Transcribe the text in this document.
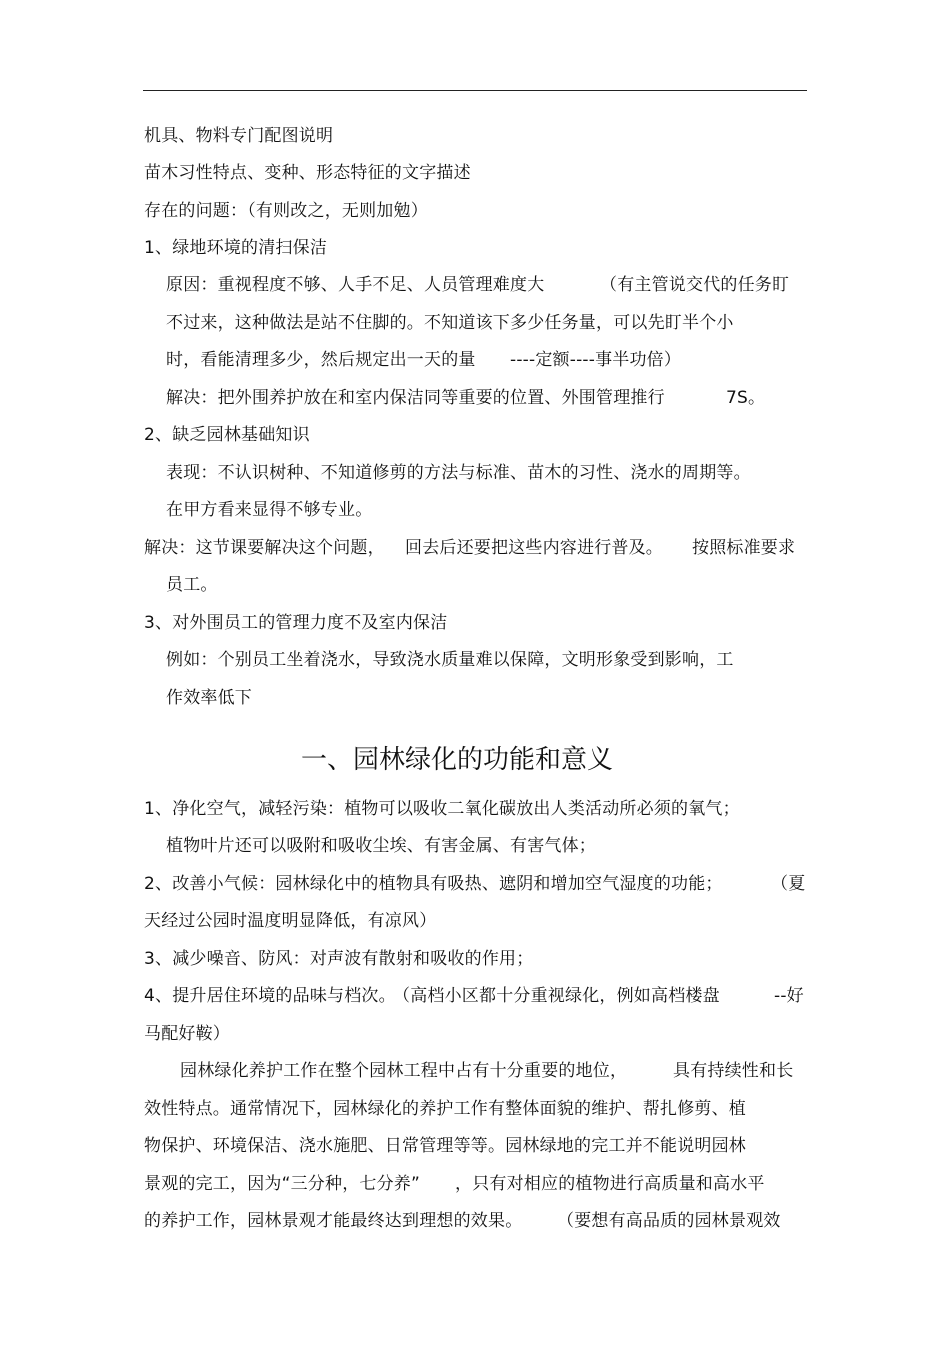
机具、物料专门配图说明
苗木习性特点、变种、形态特征的文字描述
存在的问题：（有则改之，无则加勉）
1、绿地环境的清扫保洁
原因：重视程度不够、人手不足、人员管理难度大	（有主管说交代的任务盯
不过来，这种做法是站不住脚的。不知道该下多少任务量，可以先盯半个小
时，看能清理多少，然后规定出一天的量 ----定额----事半功倍）
解决：把外围养护放在和室内保洁同等重要的位置、外围管理推行	7S。
2、缺乏园林基础知识
表现：不认识树种、不知道修剪的方法与标准、苗木的习性、浇水的周期等。
在甲方看来显得不够专业。
解决：这节课要解决这个问题， 回去后还要把这些内容进行普及。 按照标准要求
员工。
3、对外围员工的管理力度不及室内保洁
例如：个别员工坐着浇水，导致浇水质量难以保障，文明形象受到影响，工
作效率低下
一、园林绿化的功能和意义
1、净化空气，减轻污染：植物可以吸收二氧化碳放出人类活动所必须的氧气；
植物叶片还可以吸附和吸收尘埃、有害金属、有害气体；
2、改善小气候：园林绿化中的植物具有吸热、遮阴和增加空气湿度的功能；	（夏
天经过公园时温度明显降低，有凉风）
3、减少噪音、防风：对声波有散射和吸收的作用；
4、提升居住环境的品味与档次。
（高档小区都十分重视绿化，例如高档楼盘	--好
马配好鞍）
园林绿化养护工作在整个园林工程中占有十分重要的地位，	具有持续性和长
效性特点。通常情况下，园林绿化的养护工作有整体面貌的维护、帮扎修剪、植
物保护、环境保洁、浇水施肥、日常管理等等。园林绿地的完工并不能说明园林
景观的完工，因为“三分种，七分养” ，只有对相应的植物进行高质量和高水平
的养护工作，园林景观才能最终达到理想的效果。 （要想有高品质的园林景观效
